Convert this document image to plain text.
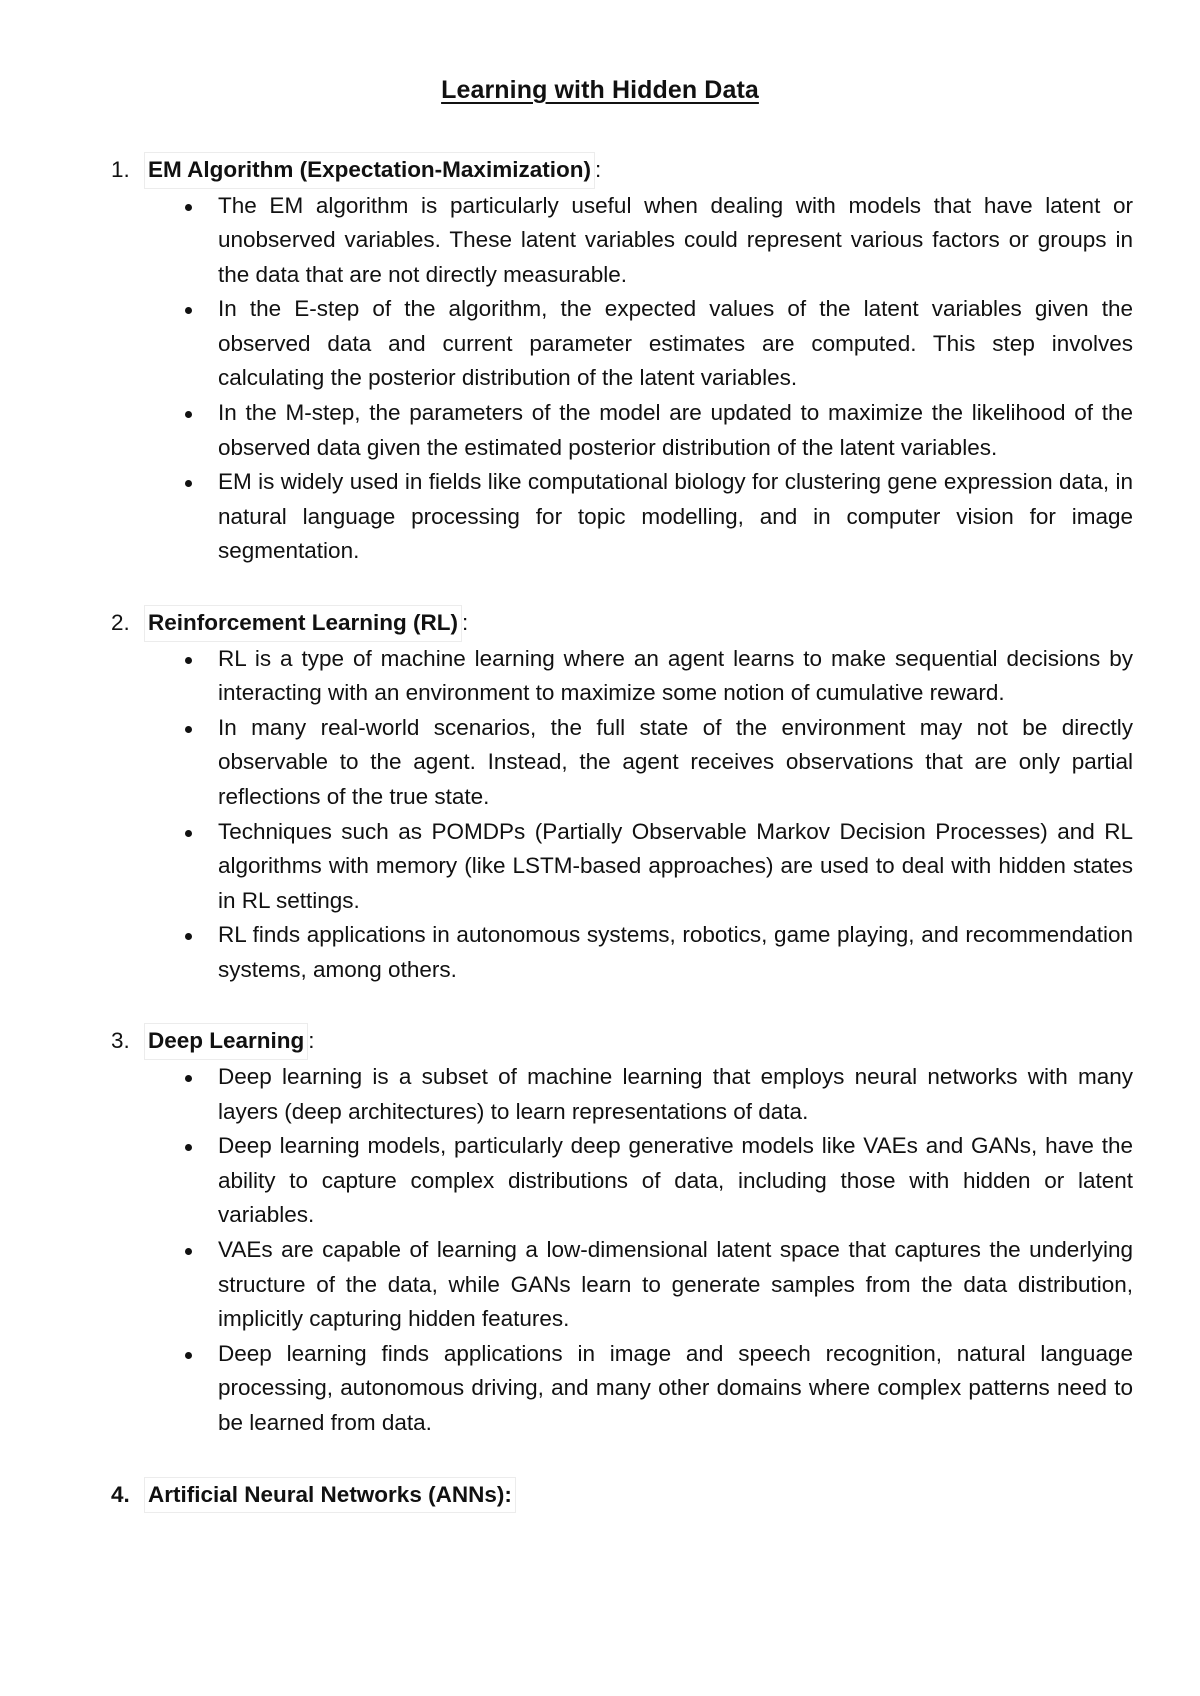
Learning with Hidden Data
1. EM Algorithm (Expectation-Maximization) :
The EM algorithm is particularly useful when dealing with models that have latent or unobserved variables. These latent variables could represent various factors or groups in the data that are not directly measurable.
In the E-step of the algorithm, the expected values of the latent variables given the observed data and current parameter estimates are computed. This step involves calculating the posterior distribution of the latent variables.
In the M-step, the parameters of the model are updated to maximize the likelihood of the observed data given the estimated posterior distribution of the latent variables.
EM is widely used in fields like computational biology for clustering gene expression data, in natural language processing for topic modelling, and in computer vision for image segmentation.
2. Reinforcement Learning (RL) :
RL is a type of machine learning where an agent learns to make sequential decisions by interacting with an environment to maximize some notion of cumulative reward.
In many real-world scenarios, the full state of the environment may not be directly observable to the agent. Instead, the agent receives observations that are only partial reflections of the true state.
Techniques such as POMDPs (Partially Observable Markov Decision Processes) and RL algorithms with memory (like LSTM-based approaches) are used to deal with hidden states in RL settings.
RL finds applications in autonomous systems, robotics, game playing, and recommendation systems, among others.
3. Deep Learning :
Deep learning is a subset of machine learning that employs neural networks with many layers (deep architectures) to learn representations of data.
Deep learning models, particularly deep generative models like VAEs and GANs, have the ability to capture complex distributions of data, including those with hidden or latent variables.
VAEs are capable of learning a low-dimensional latent space that captures the underlying structure of the data, while GANs learn to generate samples from the data distribution, implicitly capturing hidden features.
Deep learning finds applications in image and speech recognition, natural language processing, autonomous driving, and many other domains where complex patterns need to be learned from data.
4. Artificial Neural Networks (ANNs):
